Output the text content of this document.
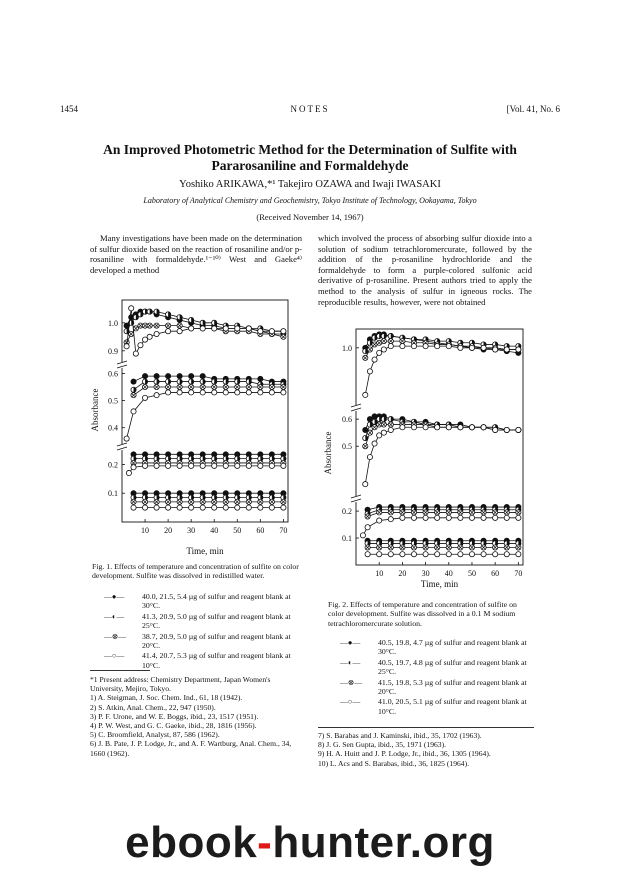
1454	NOTES	[Vol. 41, No. 6
An Improved Photometric Method for the Determination of Sulfite with
Pararosaniline and Formaldehyde
Yoshiko ARIKAWA,*¹ Takejiro OZAWA and Iwaji IWASAKI
Laboratory of Analytical Chemistry and Geochemistry, Tokyo Institute of Technology, Ookayama, Tokyo
(Received November 14, 1967)
Many investigations have been made on the determination of sulfur dioxide based on the reaction of rosaniline and/or p-rosaniline with formaldehyde.¹⁻¹⁰⁾ West and Gaeke⁴⁾ developed a method
which involved the process of absorbing sulfur dioxide into a solution of sodium tetrachloromercurate, followed by the addition of the p-rosaniline hydrochloride and the formaldehyde to form a purple-colored sulfonic acid derivative of p-rosaniline. Present authors tried to apply the method to the analysis of sulfur in igneous rocks. The reproducible results, however, were not obtained
10 20 30 40 50 60 70
0.1
0.2
0.4
0.5
0.6
0.9
1.0
Time, min
Absorbance
Fig. 1. Effects of temperature and concentration of sulfite on color development. Sulfite was dissolved in redistilled water.
—●—	40.0, 21.5, 5.4 µg of sulfur and reagent blank at 30°C.
—◐—	41.3, 20.9, 5.0 µg of sulfur and reagent blank at 25°C.
—⊗—	38.7, 20.9, 5.0 µg of sulfur and reagent blank at 20°C.
—○—	41.4, 20.7, 5.3 µg of sulfur and reagent blank at 10°C.
*1 Present address: Chemistry Department, Japan Women's University, Mejiro, Tokyo.
1) A. Steigman, J. Soc. Chem. Ind., 61, 18 (1942).
2) S. Atkin, Anal. Chem., 22, 947 (1950).
3) P. F. Urone, and W. E. Boggs, ibid., 23, 1517 (1951).
4) P. W. West, and G. C. Gaeke, ibid., 28, 1816 (1956).
5) C. Broomfield, Analyst, 87, 586 (1962).
6) J. B. Pate, J. P. Lodge, Jr., and A. F. Wartburg, Anal. Chem., 34, 1660 (1962).
10 20 30 40 50 60 70
0.1
0.2
0.5
0.6
1.0
Time, min
Absorbance
Fig. 2. Effects of temperature and concentration of sulfite on color development. Sulfite was dissolved in a 0.1 M sodium tetrachloromercurate solution.
—●—	40.5, 19.8, 4.7 µg of sulfur and reagent blank at 30°C.
—◐—	40.5, 19.7, 4.8 µg of sulfur and reagent blank at 25°C.
—⊗—	41.5, 19.8, 5.3 µg of sulfur and reagent blank at 20°C.
—○—	41.0, 20.5, 5.1 µg of sulfur and reagent blank at 10°C.
7) S. Barabas and J. Kaminski, ibid., 35, 1702 (1963).
8) J. G. Sen Gupta, ibid., 35, 1971 (1963).
9) H. A. Huitt and J. P. Lodge, Jr., ibid., 36, 1305 (1964).
10) L. Acs and S. Barabas, ibid., 36, 1825 (1964).
ebook-hunter.org
